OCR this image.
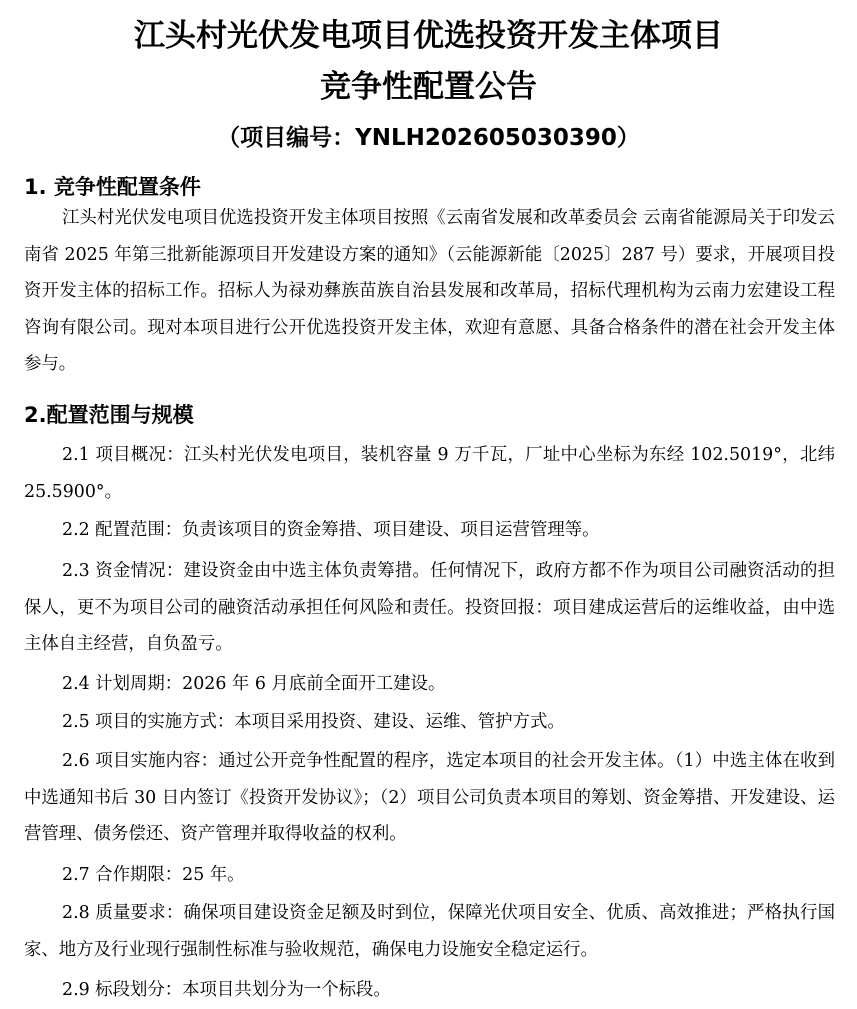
江头村光伏发电项目优选投资开发主体项目
竞争性配置公告
（项目编号：YNLH202605030390）
1. 竞争性配置条件
江头村光伏发电项目优选投资开发主体项目按照《云南省发展和改革委员会 云南省能源局关于印发云南省 2025 年第三批新能源项目开发建设方案的通知》（云能源新能〔2025〕287 号）要求，开展项目投资开发主体的招标工作。招标人为禄劝彝族苗族自治县发展和改革局，招标代理机构为云南力宏建设工程咨询有限公司。现对本项目进行公开优选投资开发主体，欢迎有意愿、具备合格条件的潜在社会开发主体参与。
2.配置范围与规模
2.1 项目概况：江头村光伏发电项目，装机容量 9 万千瓦，厂址中心坐标为东经 102.5019°，北纬 25.5900°。
2.2 配置范围：负责该项目的资金筹措、项目建设、项目运营管理等。
2.3 资金情况：建设资金由中选主体负责筹措。任何情况下，政府方都不作为项目公司融资活动的担保人，更不为项目公司的融资活动承担任何风险和责任。投资回报：项目建成运营后的运维收益，由中选主体自主经营，自负盈亏。
2.4 计划周期：2026 年 6 月底前全面开工建设。
2.5 项目的实施方式：本项目采用投资、建设、运维、管护方式。
2.6 项目实施内容：通过公开竞争性配置的程序，选定本项目的社会开发主体。（1）中选主体在收到中选通知书后 30 日内签订《投资开发协议》；（2）项目公司负责本项目的筹划、资金筹措、开发建设、运营管理、债务偿还、资产管理并取得收益的权利。
2.7 合作期限：25 年。
2.8 质量要求：确保项目建设资金足额及时到位，保障光伏项目安全、优质、高效推进；严格执行国家、地方及行业现行强制性标准与验收规范，确保电力设施安全稳定运行。
2.9 标段划分：本项目共划分为一个标段。
